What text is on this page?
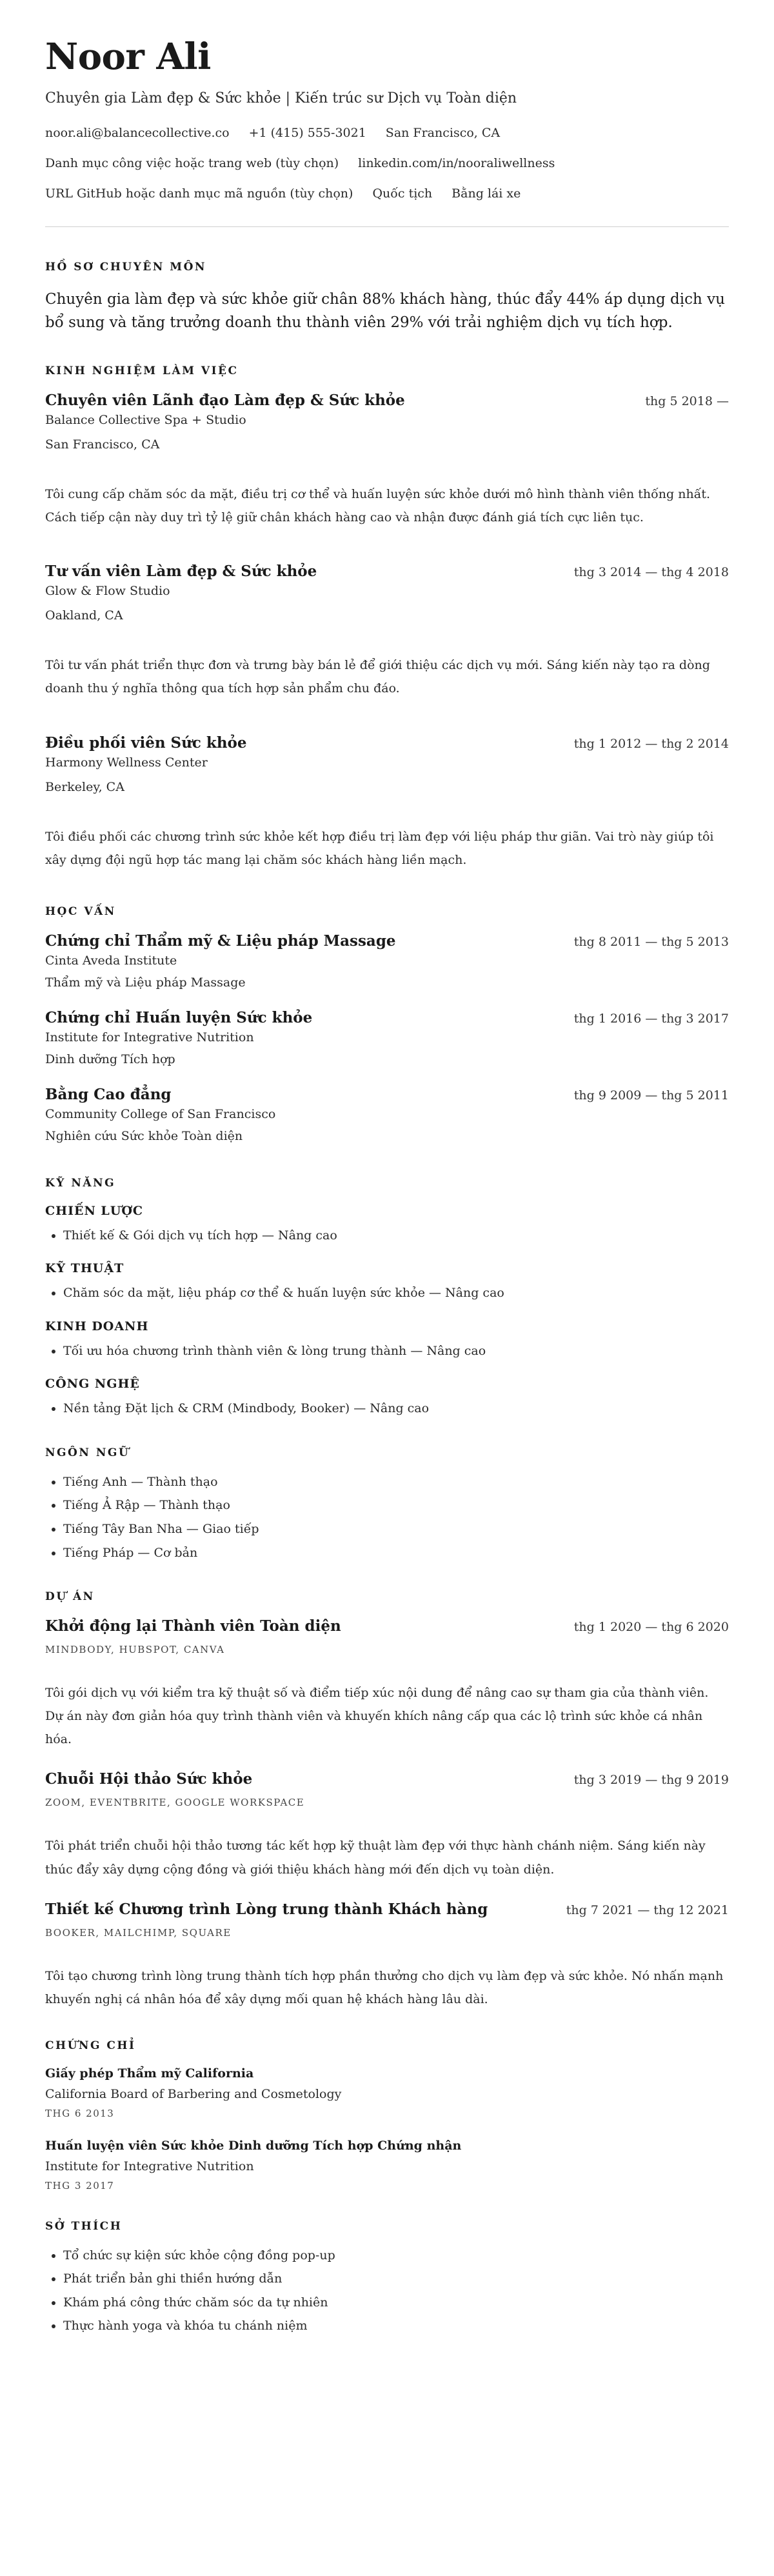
Noor Ali

Chuyên gia Làm đẹp & Sức khỏe | Kiến trúc sư Dịch vụ Toàn diện

noor.ali@balancecollective.co +1 (415) 555-3021 San Francisco, CA
Danh mục công việc hoặc trang web (tùy chọn) linkedin.com/in/nooraliwellness
URL GitHub hoặc danh mục mã nguồn (tùy chọn) Quốc tịch Bằng lái xe
HỒ SƠ CHUYÊN MÔN

Chuyên gia làm đẹp và sức khỏe giữ chân 88% khách hàng, thúc đẩy 44% áp dụng dịch vụ bổ sung và tăng trưởng doanh thu thành viên 29% với trải nghiệm dịch vụ tích hợp.

KINH NGHIỆM LÀM VIỆC
Chuyên viên Lãnh đạo Làm đẹp & Sức khỏe	thg 5 2018 —
Balance Collective Spa + Studio
San Francisco, CA

Tôi cung cấp chăm sóc da mặt, điều trị cơ thể và huấn luyện sức khỏe dưới mô hình thành viên thống nhất. Cách tiếp cận này duy trì tỷ lệ giữ chân khách hàng cao và nhận được đánh giá tích cực liên tục.

Tư vấn viên Làm đẹp & Sức khỏe	thg 3 2014 — thg 4 2018
Glow & Flow Studio
Oakland, CA

Tôi tư vấn phát triển thực đơn và trưng bày bán lẻ để giới thiệu các dịch vụ mới. Sáng kiến này tạo ra dòng doanh thu ý nghĩa thông qua tích hợp sản phẩm chu đáo.

Điều phối viên Sức khỏe	thg 1 2012 — thg 2 2014
Harmony Wellness Center
Berkeley, CA

Tôi điều phối các chương trình sức khỏe kết hợp điều trị làm đẹp với liệu pháp thư giãn. Vai trò này giúp tôi xây dựng đội ngũ hợp tác mang lại chăm sóc khách hàng liền mạch.

HỌC VẤN
Chứng chỉ Thẩm mỹ & Liệu pháp Massage	thg 8 2011 — thg 5 2013
Cinta Aveda Institute
Thẩm mỹ và Liệu pháp Massage
Chứng chỉ Huấn luyện Sức khỏe	thg 1 2016 — thg 3 2017
Institute for Integrative Nutrition
Dinh dưỡng Tích hợp
Bằng Cao đẳng	thg 9 2009 — thg 5 2011
Community College of San Francisco
Nghiên cứu Sức khỏe Toàn diện
KỸ NĂNG
CHIẾN LƯỢC
• Thiết kế & Gói dịch vụ tích hợp — Nâng cao
KỸ THUẬT
• Chăm sóc da mặt, liệu pháp cơ thể & huấn luyện sức khỏe — Nâng cao
KINH DOANH
• Tối ưu hóa chương trình thành viên & lòng trung thành — Nâng cao
CÔNG NGHỆ
• Nền tảng Đặt lịch & CRM (Mindbody, Booker) — Nâng cao
NGÔN NGỮ
• Tiếng Anh — Thành thạo
• Tiếng Ả Rập — Thành thạo
• Tiếng Tây Ban Nha — Giao tiếp
• Tiếng Pháp — Cơ bản
DỰ ÁN
Khởi động lại Thành viên Toàn diện	thg 1 2020 — thg 6 2020
MINDBODY, HUBSPOT, CANVA

Tôi gói dịch vụ với kiểm tra kỹ thuật số và điểm tiếp xúc nội dung để nâng cao sự tham gia của thành viên. Dự án này đơn giản hóa quy trình thành viên và khuyến khích nâng cấp qua các lộ trình sức khỏe cá nhân hóa.

Chuỗi Hội thảo Sức khỏe	thg 3 2019 — thg 9 2019
ZOOM, EVENTBRITE, GOOGLE WORKSPACE

Tôi phát triển chuỗi hội thảo tương tác kết hợp kỹ thuật làm đẹp với thực hành chánh niệm. Sáng kiến này thúc đẩy xây dựng cộng đồng và giới thiệu khách hàng mới đến dịch vụ toàn diện.

Thiết kế Chương trình Lòng trung thành Khách hàng	thg 7 2021 — thg 12 2021
BOOKER, MAILCHIMP, SQUARE

Tôi tạo chương trình lòng trung thành tích hợp phần thưởng cho dịch vụ làm đẹp và sức khỏe. Nó nhấn mạnh khuyến nghị cá nhân hóa để xây dựng mối quan hệ khách hàng lâu dài.

CHỨNG CHỈ
Giấy phép Thẩm mỹ California
California Board of Barbering and Cosmetology
THG 6 2013
Huấn luyện viên Sức khỏe Dinh dưỡng Tích hợp Chứng nhận
Institute for Integrative Nutrition
THG 3 2017
SỞ THÍCH
• Tổ chức sự kiện sức khỏe cộng đồng pop-up
• Phát triển bản ghi thiền hướng dẫn
• Khám phá công thức chăm sóc da tự nhiên
• Thực hành yoga và khóa tu chánh niệm
